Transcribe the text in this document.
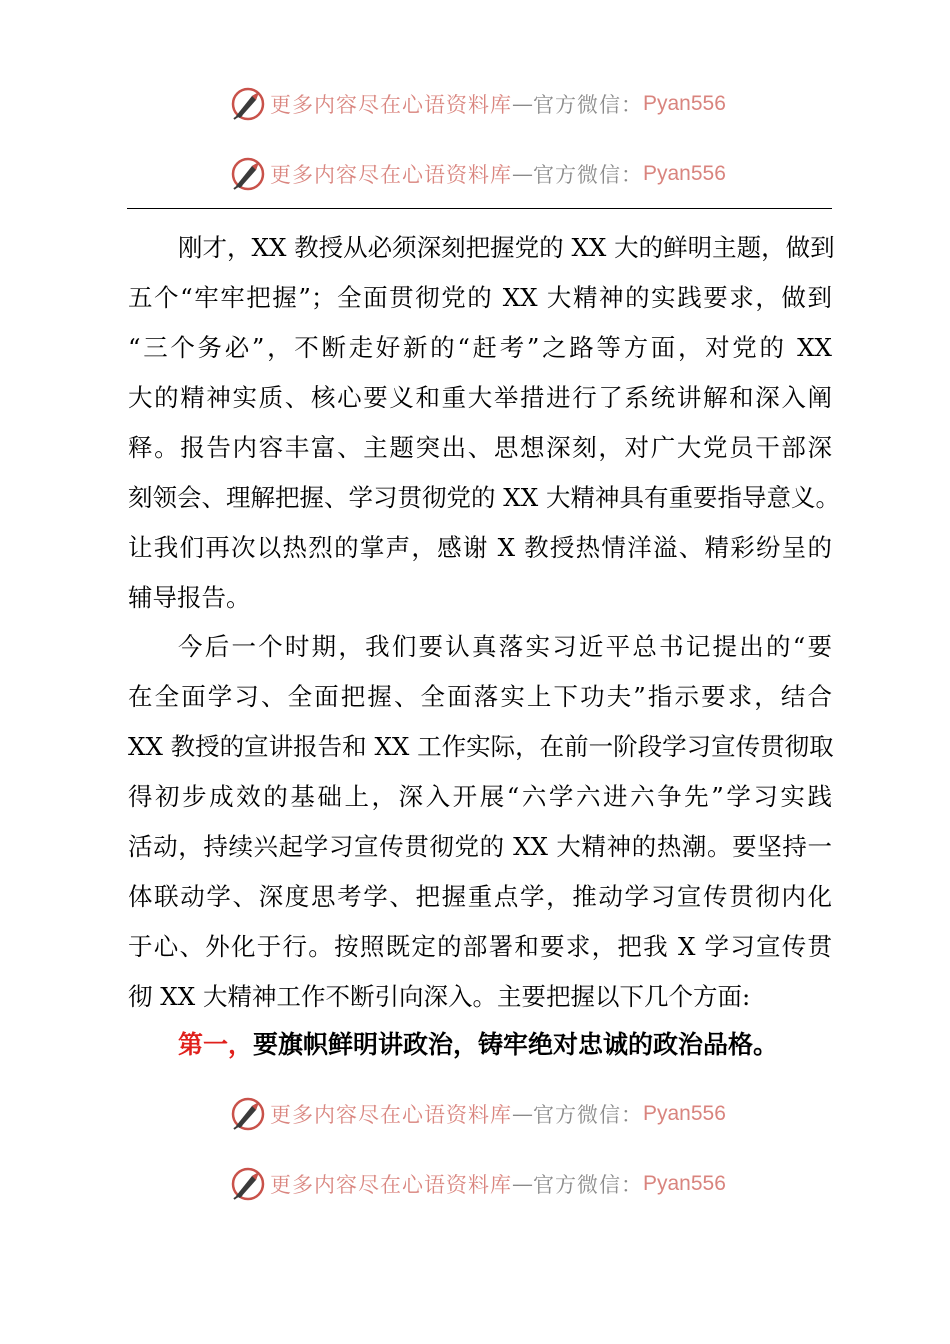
更多内容尽在心语资料库 — 官方微信： Pyan556
更多内容尽在心语资料库 — 官方微信： Pyan556
刚才，XX 教授从必须深刻把握党的 XX 大的鲜明主题，做到
五个“牢牢把握”；全面贯彻党的 XX 大精神的实践要求，做到
“三个务必”，不断走好新的“赶考”之路等方面，对党的 XX
大的精神实质、核心要义和重大举措进行了系统讲解和深入阐
释。报告内容丰富、主题突出、思想深刻，对广大党员干部深
刻领会、理解把握、学习贯彻党的 XX 大精神具有重要指导意义。
让我们再次以热烈的掌声，感谢 X 教授热情洋溢、精彩纷呈的
辅导报告。
今后一个时期，我们要认真落实习近平总书记提出的“要
在全面学习、全面把握、全面落实上下功夫”指示要求，结合
XX 教授的宣讲报告和 XX 工作实际，在前一阶段学习宣传贯彻取
得初步成效的基础上，深入开展“六学六进六争先”学习实践
活动，持续兴起学习宣传贯彻党的 XX 大精神的热潮。要坚持一
体联动学、深度思考学、把握重点学，推动学习宣传贯彻内化
于心、外化于行。按照既定的部署和要求，把我 X 学习宣传贯
彻 XX 大精神工作不断引向深入。主要把握以下几个方面:
第一，要旗帜鲜明讲政治，铸牢绝对忠诚的政治品格。
更多内容尽在心语资料库 — 官方微信： Pyan556
更多内容尽在心语资料库 — 官方微信： Pyan556
